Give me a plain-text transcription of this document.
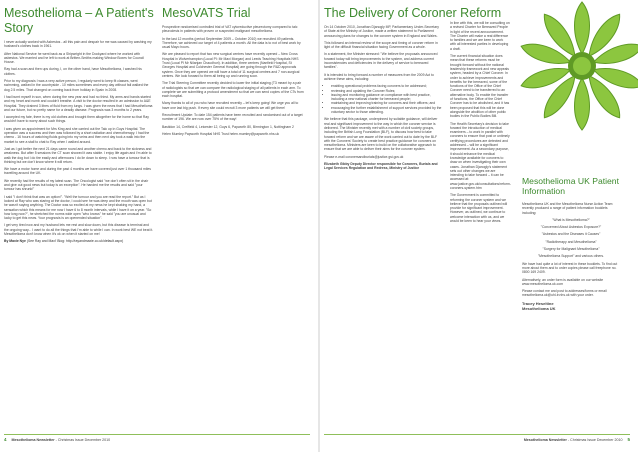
Mesothelioma – A Patient's Story

I never actually worked with Asbestos - all this pain and despair for me was caused by washing my husband's clothes back in 1961.

After National Service he went back as a Shipwright in the Dockyard where he worked with asbestos. We married and he left to work at Britten-Smiths making Window Boxes for Council House.

Ray had a scan and then ups during, I, on the other hand, have Mesothelioma, I washed his clothes.

Prior to my diagnosis I was a very active person, I regularly went to keep fit classes, went swimming, walked in the countryside - 10 miles sometimes and every day without fail walked the dog 2.5 miles. That changed on coming back from holiday in Spain in 2008.

I had burnt myself in sun, when during the new year and had no thirst. My arms and hands started and my heart and numb and couldn't breathe. A visit to the doctor resulted in an admission to A&E Hospital. They drained 3 litres of fluid from my lungs. I was given the news that I had Mesothelioma and our future, but no pretty name for a deadly disease. Prognosis was 3 months to 2 years.

I accepted my fate, there is my old clothes and brought them altogether for the home so that Ray wouldn't have to worry about such things.

I was given an appointment for Mrs King and she carried out the Talc op in Guys Hospital. The operation was a success and then was followed by a short radiation and chemotherapy. I had the chemo - 16 hours of watching fluids going into my veins and then next day took a walk into the market to see a stall to chat to Ray when I walked around.

Just as I got better the next 21 days came round and another chemo and back to the sickness and weakness. But after 5 sessions the CT scan showed it was stable. I enjoy life again and I'm able to walk the dog but I do tire easily and afternoons I do lie down to sleep. I now have a tumour that is thinking but we don't know where it will return.

We have a motor home and during the past 4 months we have covered just over 1 thousand miles travelling around the UK.

We recently had the results of my latest scan. The Oncologist said "we don't often sit in the chair and give out good news but today is an exception". He handed me the results and said "your tumour has shrunk!"

I said "I don't think that was an option!". "Well the tumour and you are read the report." But as I looked at Ray who was staring at the doctor, I could see he was deep and the mouth was open but he wasn't saying anything. The Doctor was so excited at my news he kept shaking my hand, a sensation which this means for me now I have 6 to 8 month intervals, while I have it on a year. "So how long now?", he stretched the norms wide open "who knows" he said "you are unusual and lucky to get this news. Your prognosis is an openended situation".

I get very tired now and my husband lets me rest and slow down, but this disease is terminal and the ongoing way... I want to do all the things that I'm able to while I can. In work best WE not beat it. Mesothelioma don't know when it's ok on when it started on me!

By Maxie Nye (See Ray and Maxi' Blog: http://rayandmaxie.co.uk/default.aspx)

MesoVATS Trial

Prospective randomised controlled trial of VAT cytoreductive pleurectomy compared to talc pleurodesis in patients with proven or suspected malignant mesothelioma.

In the last 12 months (period September 2009 – October 2010) we recruited 49 patients. Therefore, we achieved our target of 4 patients a month. All the data is to not of best work by usual Mayo hours.

We are pleased to report that two new surgical centres have recently opened – New Cross Hospital in Wolverhampton (Local PI: Mr Maxi Morgan) and Leeds Teaching Hospitals NHS Trust (Local PI Mr Nilanjan Chaudhuri). In addition, three centres (Nanfield Hospital, St Georges Hospital and Colchester General Hospital) are going through the R&D approvals system. Once they are opened we will have a total of 11 surgical centres and 7 non-surgical centres. We look forward to them all being up and running soon.

The Trial Steering Committee recently decided to lower the initial staging (T3 meant by a pair of radiologists so that we can compare the radiological staging of all patients in each arm. To complete we are submitting a protocol amendment so that we can send copies of the CTs from each hospital.

Many thanks to all of you who have recruited recently – let's keep going! We urge you all to have one last big push. If every site could recruit 3 more patients we will get there!

Recruitment Update: To date 154 patients have been recruited and randomised out of a target number of 196. We are now over 75% of the way!

Bastidon 14, Crelfield 4, Leicester 12, Guys 6, Papworth 80, Birmington 1, Nottingham 2

Helen Mumley Papworth Hospital NHS Trust helen.mumley@papworth.nhs.uk

4 Mesothelioma Newsletter - Christmas Issue December 2010
The Delivery of Coroner Reform

On 14 October 2010, Jonathan Djanogly MP, Parliamentary Under-Secretary of State at the Ministry of Justice, made a written statement to Parliament announcing plans for changes to the coroner system in England and Wales.

This followed an internal review of the scope and timing of coroner reform in light of the difficult financial situation facing Government as a whole.

In a statement, the Minister stressed: "We believe the proposals announced forward today will bring improvements to the system, and address current inconsistencies and deficiencies in the delivery of service to bereaved families".

It is intended to bring forward a number of measures from the 2009 Act to achieve these aims, including:

• enabling operational problems facing coroners to be addressed;
• reviewing and updating the Coroner Rules;
• issuing and monitoring guidance on compliance with best practice, including a new national charter for bereaved people;
• maintaining and improving training for coroners and their officers; and
• encouraging the further establishment of support services provided by the voluntary sector to those attending.

We believe that this package, underpinned by suitable guidance, will deliver real and significant improvement to the way in which the coroner service is delivered. The Minister recently met with a number of civil society groups, including the British Lung Foundation (BLF), to discuss how best to take forward reform and we are aware of the work carried out to date by the BLF with the Coroners' Society to create best practice guidance for coroners on mesothelioma. Ministers are keen to build on the collaborative approach to ensure that we are able to deliver their aims for the coroner system.

Please e-mail coronersandburials@justice.gsi.gov.uk

Elizabeth Gibby Deputy Director responsible for Coroners, Burials and Legal Services Regulation and Redress, Ministry of Justice

In line with this, we will be consulting on a revised Charter for Bereaved People in light of the recent announcement. The Charter will make a real difference to families and we are keen to work with all interested parties in developing a draft.

The current financial situation does mean that these reforms must be brought forward without the national leadership framework and new appeals system, headed by a Chief Coroner. In order to achieve improvements and benefits for the bereaved, some of the functions of the Office of the Chief Coroner need to be transferred to an alternative body. To enable the transfer of functions, the Office of the Chief Coroner has to be abolished, and it has been proposed that this will be done alongside the abolition of other public bodies in the Public Bodies Bill.

The Health Secretary's decision to take forward the introduction of medical examiners – to work in parallel with coroners to ensure that post or untimely certifying procedures are detected and addressed – will be a significant improvement. As a secondary purpose, it should enhance the medical knowledge available for coroners to draw on when investigating their own cases. Jonathan Djanogly's statement sets out other changes we are intending to take forward – it can be accessed at: www.justice.gov.uk/consultations/reform-coroners-system.htm

The Government is committed to reforming the coroner system and we believe that the proposals outlined will provide for significant improvement. However, as outlined, we continue to welcome interaction with us, and we would be keen to hear your views.

Mesothelioma Newsletter - Christmas Issue December 2010 5
Mesothelioma UK Patient Information

Mesothelioma UK and the Mesothelioma Nurse Action Team recently produced a range of patient information booklets including:

"What is Mesothelioma?"

"Concerned About Asbestos Exposure?"

"Asbestos and the Diseases it Causes"

"Radiotherapy and Mesothelioma"

"Surgery for Malignant Mesothelioma"

"Mesothelioma Support" and various others.

We have had quite a lot of interest in these booklets. To find out more about them and to order copies please call freephone no. 0800 169 2409.

Alternatively, an order form is available on our website www.mesothelioma.uk.com

Please contact me and post to addresses/forms or email mesothelioma.uk@uhl-tr.nhs.uk with your order.

Tracey Heseltine

Mesothelioma UK
